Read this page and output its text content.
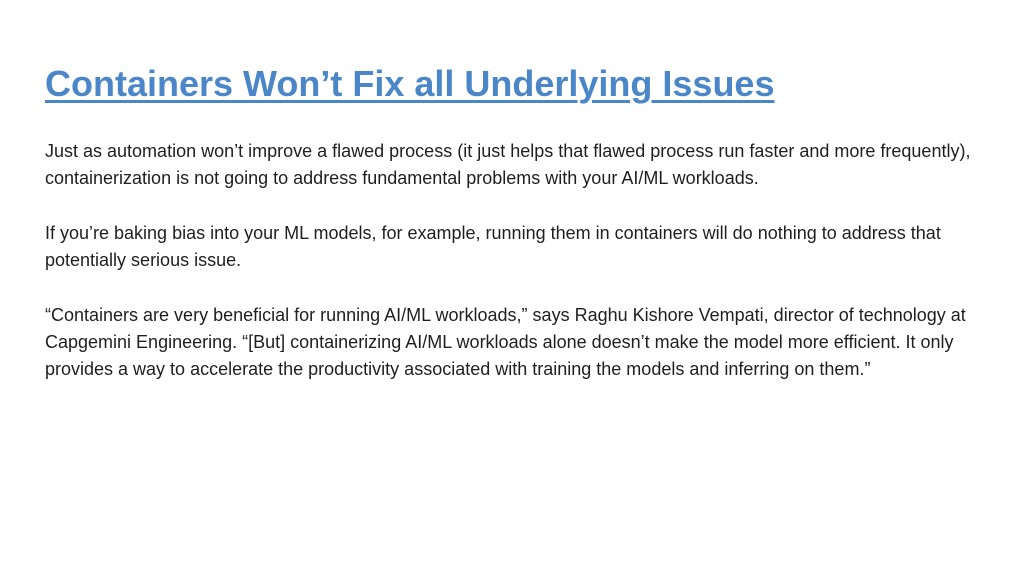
Containers Won’t Fix all Underlying Issues

Just as automation won’t improve a flawed process (it just helps that flawed process run faster and more frequently), containerization is not going to address fundamental problems with your AI/ML workloads.

If you’re baking bias into your ML models, for example, running them in containers will do nothing to address that potentially serious issue.

“Containers are very beneficial for running AI/ML workloads,” says Raghu Kishore Vempati, director of technology at Capgemini Engineering. “[But] containerizing AI/ML workloads alone doesn’t make the model more efficient. It only provides a way to accelerate the productivity associated with training the models and inferring on them.”
